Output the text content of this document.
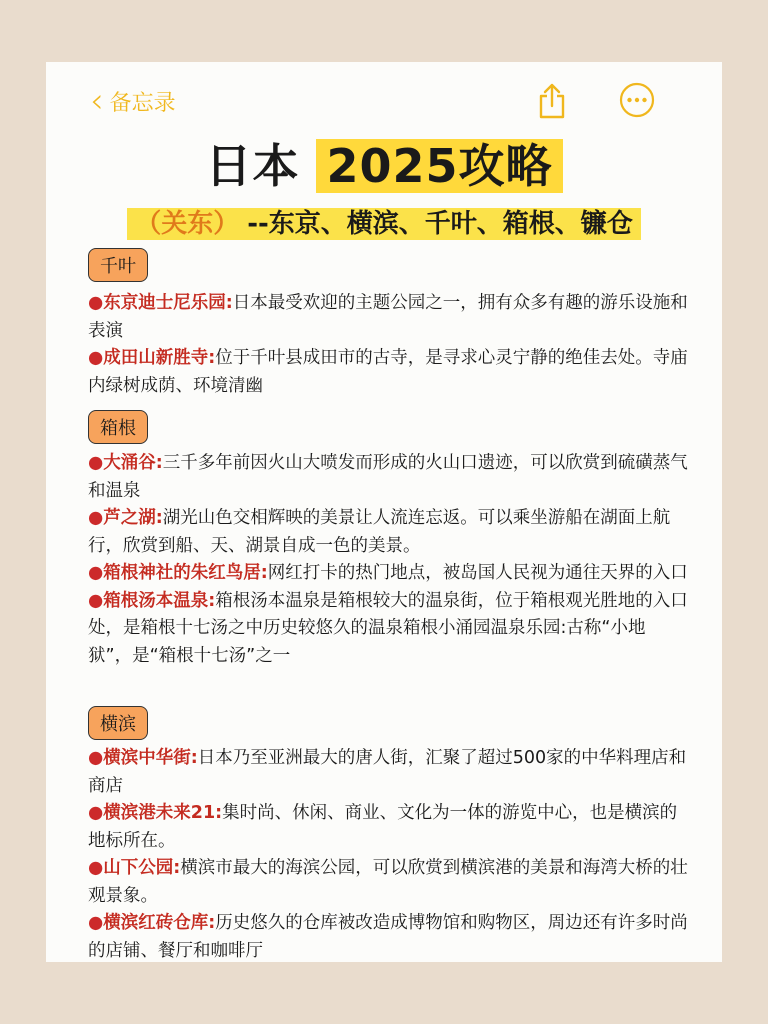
‹ 备忘录
日本 2025攻略
（关东） --东京、横滨、千叶、箱根、镰仓
千叶

●东京迪士尼乐园:日本最受欢迎的主题公园之一，拥有众多有趣的游乐设施和表演

●成田山新胜寺:位于千叶县成田市的古寺，是寻求心灵宁静的绝佳去处。寺庙内绿树成荫、环境清幽

箱根

●大涌谷:三千多年前因火山大喷发而形成的火山口遗迹，可以欣赏到硫磺蒸气和温泉

●芦之湖:湖光山色交相辉映的美景让人流连忘返。可以乘坐游船在湖面上航行，欣赏到船、天、湖景自成一色的美景。

●箱根神社的朱红鸟居:网红打卡的热门地点，被岛国人民视为通往天界的入口

●箱根汤本温泉:箱根汤本温泉是箱根较大的温泉街，位于箱根观光胜地的入口处，是箱根十七汤之中历史较悠久的温泉箱根小涌园温泉乐园:古称“小地狱”，是“箱根十七汤”之一

横滨

●横滨中华街:日本乃至亚洲最大的唐人街，汇聚了超过500家的中华料理店和商店

●横滨港未来21:集时尚、休闲、商业、文化为一体的游览中心，也是横滨的地标所在。

●山下公园:横滨市最大的海滨公园，可以欣赏到横滨港的美景和海湾大桥的壮观景象。

●横滨红砖仓库:历史悠久的仓库被改造成博物馆和购物区，周边还有许多时尚的店铺、餐厅和咖啡厅
